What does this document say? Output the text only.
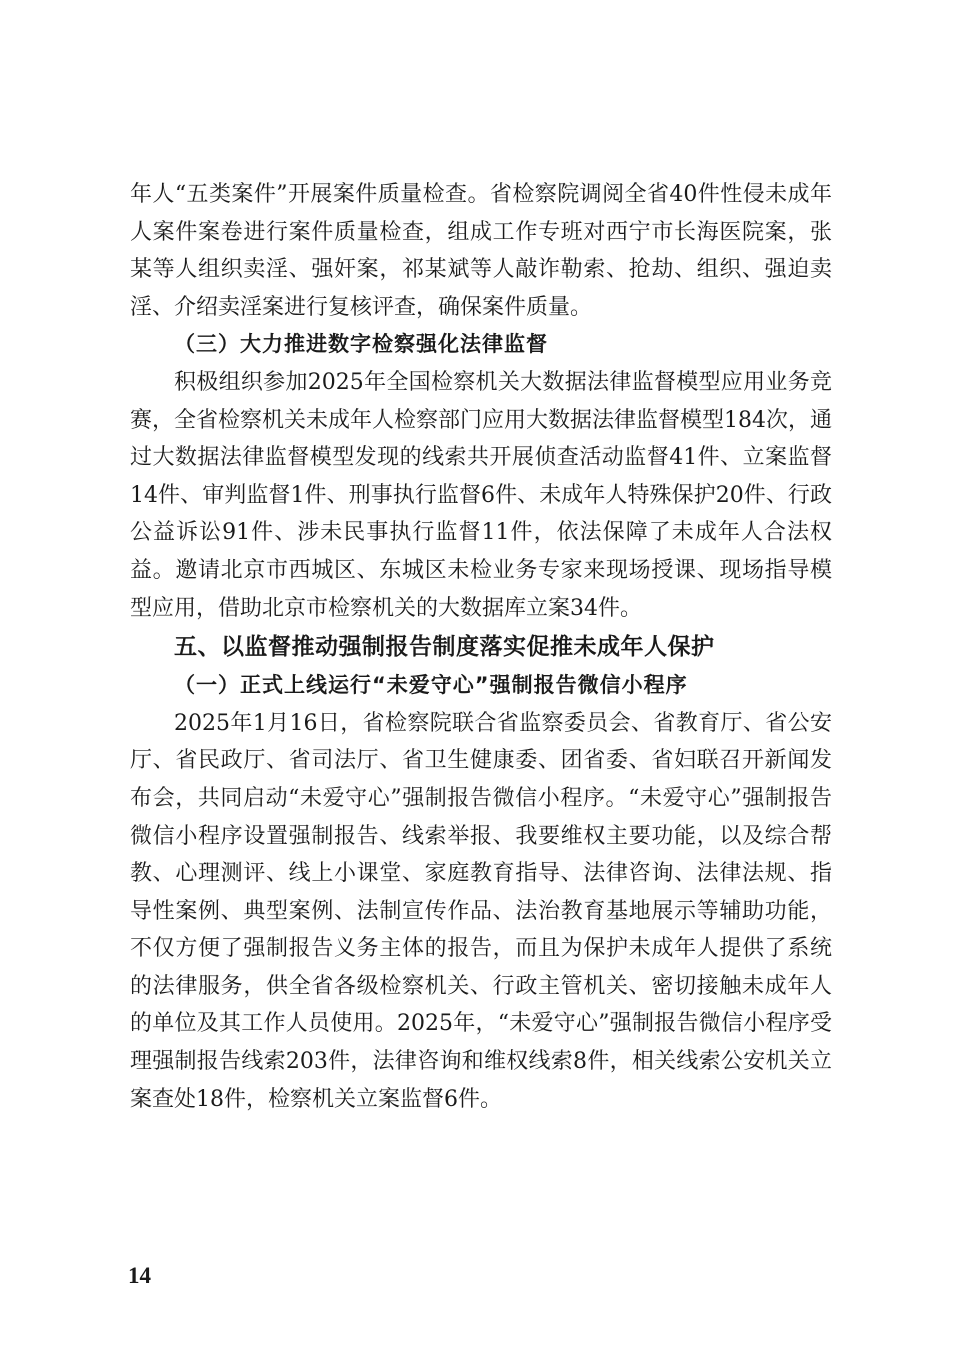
年人“五类案件”开展案件质量检查。省检察院调阅全省40件性侵未成年人案件案卷进行案件质量检查，组成工作专班对西宁市长海医院案，张某等人组织卖淫、强奸案，祁某斌等人敲诈勒索、抢劫、组织、强迫卖淫、介绍卖淫案进行复核评查，确保案件质量。

（三）大力推进数字检察强化法律监督

积极组织参加2025年全国检察机关大数据法律监督模型应用业务竞赛，全省检察机关未成年人检察部门应用大数据法律监督模型184次，通过大数据法律监督模型发现的线索共开展侦查活动监督41件、立案监督14件、审判监督1件、刑事执行监督6件、未成年人特殊保护20件、行政公益诉讼91件、涉未民事执行监督11件，依法保障了未成年人合法权益。邀请北京市西城区、东城区未检业务专家来现场授课、现场指导模型应用，借助北京市检察机关的大数据库立案34件。

五、以监督推动强制报告制度落实促推未成年人保护

（一）正式上线运行“未爱守心”强制报告微信小程序

2025年1月16日，省检察院联合省监察委员会、省教育厅、省公安厅、省民政厅、省司法厅、省卫生健康委、团省委、省妇联召开新闻发布会，共同启动“未爱守心”强制报告微信小程序。“未爱守心”强制报告微信小程序设置强制报告、线索举报、我要维权主要功能，以及综合帮教、心理测评、线上小课堂、家庭教育指导、法律咨询、法律法规、指导性案例、典型案例、法制宣传作品、法治教育基地展示等辅助功能，不仅方便了强制报告义务主体的报告，而且为保护未成年人提供了系统的法律服务，供全省各级检察机关、行政主管机关、密切接触未成年人的单位及其工作人员使用。2025年，“未爱守心”强制报告微信小程序受理强制报告线索203件，法律咨询和维权线索8件，相关线索公安机关立案查处18件，检察机关立案监督6件。

14
